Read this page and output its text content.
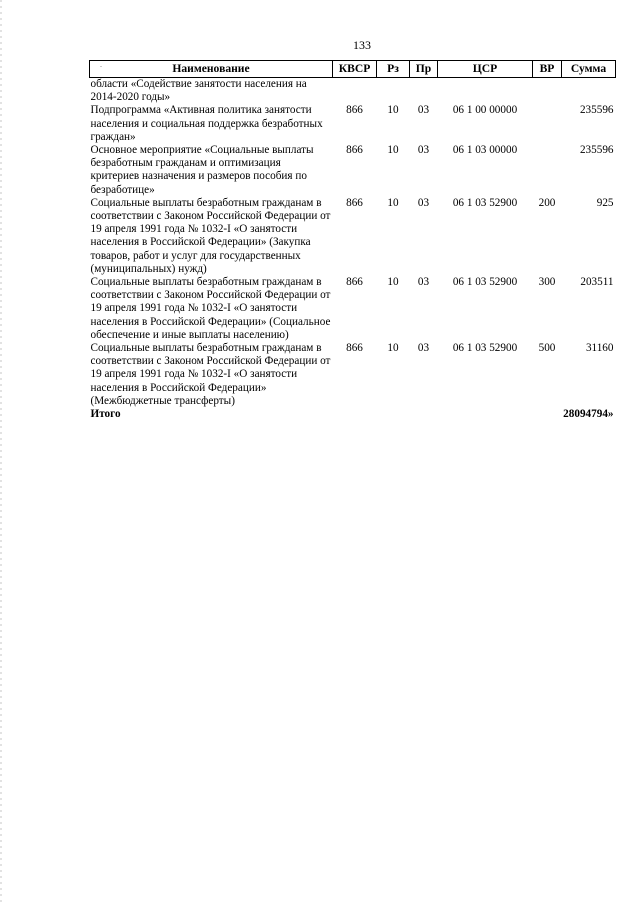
133
.	Наименование	КВСР	Рз	Пр	ЦСР	ВР	Сумма
области «Содействие занятости населения на 2014-2020 годы»						
Подпрограмма «Активная политика занятости населения и социальная поддержка безработных граждан»	866	10	03	06 1 00 00000		235596
Основное мероприятие «Социальные выплаты безработным гражданам и оптимизация критериев назначения и размеров пособия по безработице»	866	10	03	06 1 03 00000		235596
Социальные выплаты безработным гражданам в соответствии с Законом Российской Федерации от 19 апреля 1991 года № 1032-I «О занятости населения в Российской Федерации» (Закупка товаров, работ и услуг для государственных (муниципальных) нужд)	866	10	03	06 1 03 52900	200	925
Социальные выплаты безработным гражданам в соответствии с Законом Российской Федерации от 19 апреля 1991 года № 1032-I «О занятости населения в Российской Федерации» (Социальное обеспечение и иные выплаты населению)	866	10	03	06 1 03 52900	300	203511
Социальные выплаты безработным гражданам в соответствии с Законом Российской Федерации от 19 апреля 1991 года № 1032-I «О занятости населения в Российской Федерации» (Межбюджетные трансферты)	866	10	03	06 1 03 52900	500	31160
Итого						28094794»
